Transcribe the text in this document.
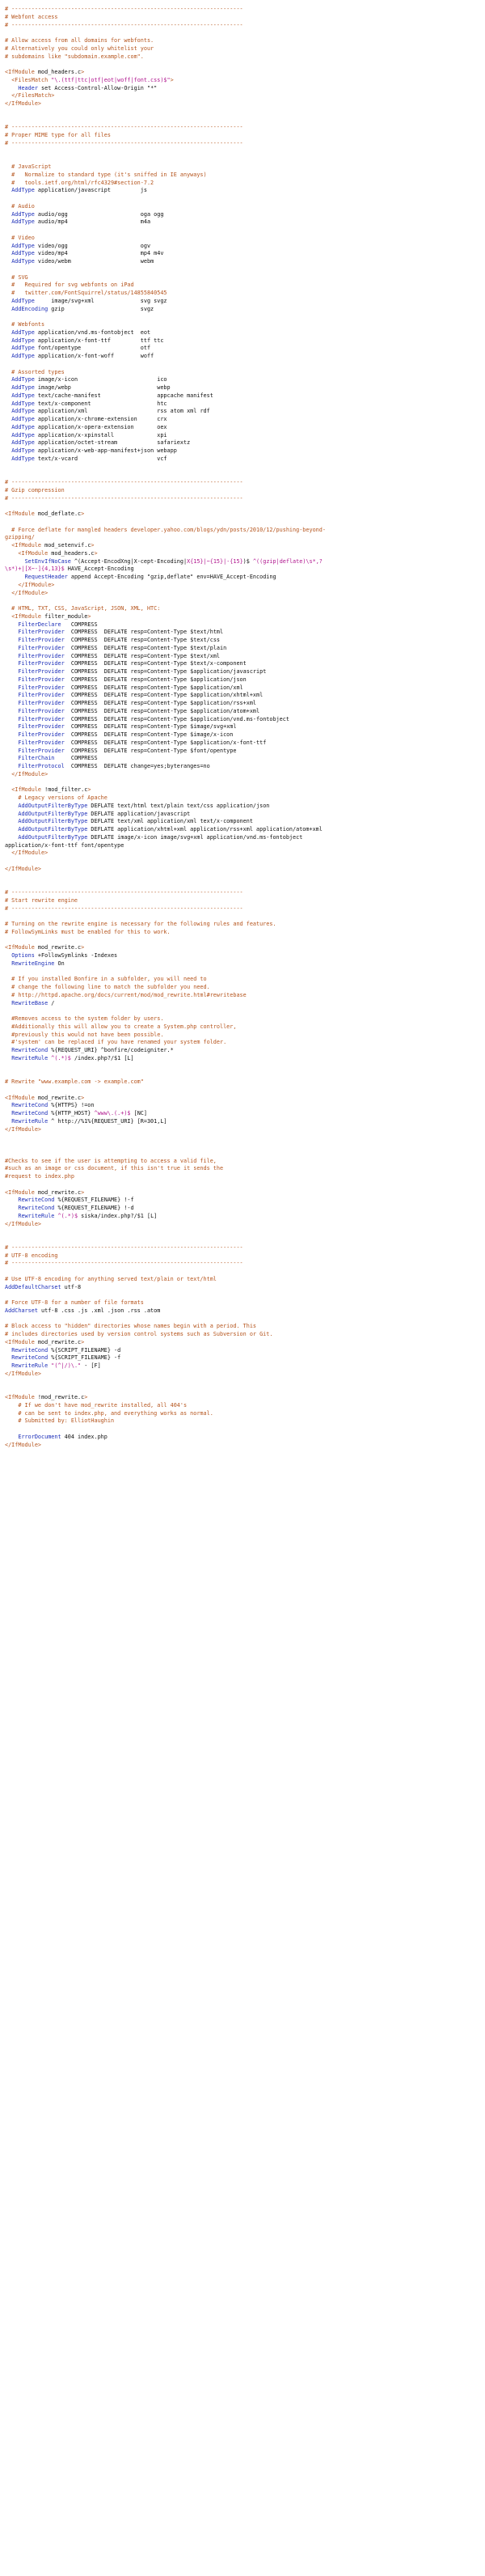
# ----------------------------------------------------------------------
# Webfont access
# ----------------------------------------------------------------------

# Allow access from all domains for webfonts.
# Alternatively you could only whitelist your
# subdomains like "subdomain.example.com".

<IfModule mod_headers.c>
<FilesMatch "\.(ttf|ttc|otf|eot|woff|font.css)$">
Header set Access-Control-Allow-Origin "*"
</FilesMatch>
</IfModule>

# ----------------------------------------------------------------------
# Proper MIME type for all files
# ----------------------------------------------------------------------

# JavaScript
#   Normalize to standard type (it's sniffed in IE anyways)
#   tools.ietf.org/html/rfc4329#section-7.2
AddType application/javascript         js

# Audio
AddType audio/ogg                      oga ogg
AddType audio/mp4                      m4a

# Video
AddType video/ogg                      ogv
AddType video/mp4                      mp4 m4v
AddType video/webm                     webm

# SVG
#   Required for svg webfonts on iPad
#   twitter.com/FontSquirrel/status/14855840545
AddType     image/svg+xml              svg svgz
AddEncoding gzip                       svgz

# Webfonts
AddType application/vnd.ms-fontobject  eot
AddType application/x-font-ttf         ttf ttc
AddType font/opentype                  otf
AddType application/x-font-woff        woff

# Assorted types
AddType image/x-icon                        ico
AddType image/webp                          webp
AddType text/cache-manifest                 appcache manifest
AddType text/x-component                    htc
AddType application/xml                     rss atom xml rdf
AddType application/x-chrome-extension      crx
AddType application/x-opera-extension       oex
AddType application/x-xpinstall             xpi
AddType application/octet-stream            safariextz
AddType application/x-web-app-manifest+json webapp
AddType text/x-vcard                        vcf

# ----------------------------------------------------------------------
# Gzip compression
# ----------------------------------------------------------------------

<IfModule mod_deflate.c>

# Force deflate for mangled headers developer.yahoo.com/blogs/ydn/posts/2010/12/pushing-beyond-
gzipping/
<IfModule mod_setenvif.c>
<IfModule mod_headers.c>
SetEnvIfNoCase ^(Accept-EncodXng|X-cept-Encoding|X{15}|~{15}|-{15})$ ^((gzip|deflate)\s*,?
\s*)+|[X~-]{4,13}$ HAVE_Accept-Encoding
RequestHeader append Accept-Encoding "gzip,deflate" env=HAVE_Accept-Encoding
</IfModule>
</IfModule>

# HTML, TXT, CSS, JavaScript, JSON, XML, HTC:
<IfModule filter_module>
FilterDeclare   COMPRESS
FilterProvider  COMPRESS  DEFLATE resp=Content-Type $text/html
FilterProvider  COMPRESS  DEFLATE resp=Content-Type $text/css
FilterProvider  COMPRESS  DEFLATE resp=Content-Type $text/plain
FilterProvider  COMPRESS  DEFLATE resp=Content-Type $text/xml
FilterProvider  COMPRESS  DEFLATE resp=Content-Type $text/x-component
FilterProvider  COMPRESS  DEFLATE resp=Content-Type $application/javascript
FilterProvider  COMPRESS  DEFLATE resp=Content-Type $application/json
FilterProvider  COMPRESS  DEFLATE resp=Content-Type $application/xml
FilterProvider  COMPRESS  DEFLATE resp=Content-Type $application/xhtml+xml
FilterProvider  COMPRESS  DEFLATE resp=Content-Type $application/rss+xml
FilterProvider  COMPRESS  DEFLATE resp=Content-Type $application/atom+xml
FilterProvider  COMPRESS  DEFLATE resp=Content-Type $application/vnd.ms-fontobject
FilterProvider  COMPRESS  DEFLATE resp=Content-Type $image/svg+xml
FilterProvider  COMPRESS  DEFLATE resp=Content-Type $image/x-icon
FilterProvider  COMPRESS  DEFLATE resp=Content-Type $application/x-font-ttf
FilterProvider  COMPRESS  DEFLATE resp=Content-Type $font/opentype
FilterChain     COMPRESS
FilterProtocol  COMPRESS  DEFLATE change=yes;byteranges=no
</IfModule>

<IfModule !mod_filter.c>
# Legacy versions of Apache
AddOutputFilterByType DEFLATE text/html text/plain text/css application/json
AddOutputFilterByType DEFLATE application/javascript
AddOutputFilterByType DEFLATE text/xml application/xml text/x-component
AddOutputFilterByType DEFLATE application/xhtml+xml application/rss+xml application/atom+xml
AddOutputFilterByType DEFLATE image/x-icon image/svg+xml application/vnd.ms-fontobject
application/x-font-ttf font/opentype
</IfModule>

</IfModule>

# ----------------------------------------------------------------------
# Start rewrite engine
# ----------------------------------------------------------------------

# Turning on the rewrite engine is necessary for the following rules and features.
# FollowSymLinks must be enabled for this to work.

<IfModule mod_rewrite.c>
Options +FollowSymlinks -Indexes
RewriteEngine On

# If you installed Bonfire in a subfolder, you will need to
# change the following line to match the subfolder you need.
# http://httpd.apache.org/docs/current/mod/mod_rewrite.html#rewritebase
RewriteBase /

#Removes access to the system folder by users.
#Additionally this will allow you to create a System.php controller,
#previously this would not have been possible.
#'system' can be replaced if you have renamed your system folder.
RewriteCond %{REQUEST_URI} ^bonfire/codeigniter.*
RewriteRule ^(.*)$ /index.php?/$1 [L]

# Rewrite "www.example.com -> example.com"

<IfModule mod_rewrite.c>
RewriteCond %{HTTPS} !=on
RewriteCond %{HTTP_HOST} ^www\.(.+)$ [NC]
RewriteRule ^ http://%1%{REQUEST_URI} [R=301,L]
</IfModule>

#Checks to see if the user is attempting to access a valid file,
#such as an image or css document, if this isn't true it sends the
#request to index.php

<IfModule mod_rewrite.c>
RewriteCond %{REQUEST_FILENAME} !-f
RewriteCond %{REQUEST_FILENAME} !-d
RewriteRule ^(.*)$ siska/index.php?/$1 [L]
</IfModule>

# ----------------------------------------------------------------------
# UTF-8 encoding
# ----------------------------------------------------------------------

# Use UTF-8 encoding for anything served text/plain or text/html
AddDefaultCharset utf-8

# Force UTF-8 for a number of file formats
AddCharset utf-8 .css .js .xml .json .rss .atom

# Block access to "hidden" directories whose names begin with a period. This
# includes directories used by version control systems such as Subversion or Git.
<IfModule mod_rewrite.c>
RewriteCond %{SCRIPT_FILENAME} -d
RewriteCond %{SCRIPT_FILENAME} -f
RewriteRule "(^|/)\." - [F]
</IfModule>

<IfModule !mod_rewrite.c>
# If we don't have mod_rewrite installed, all 404's
# can be sent to index.php, and everything works as normal.
# Submitted by: ElliotHaughin

ErrorDocument 404 index.php
</IfModule>
